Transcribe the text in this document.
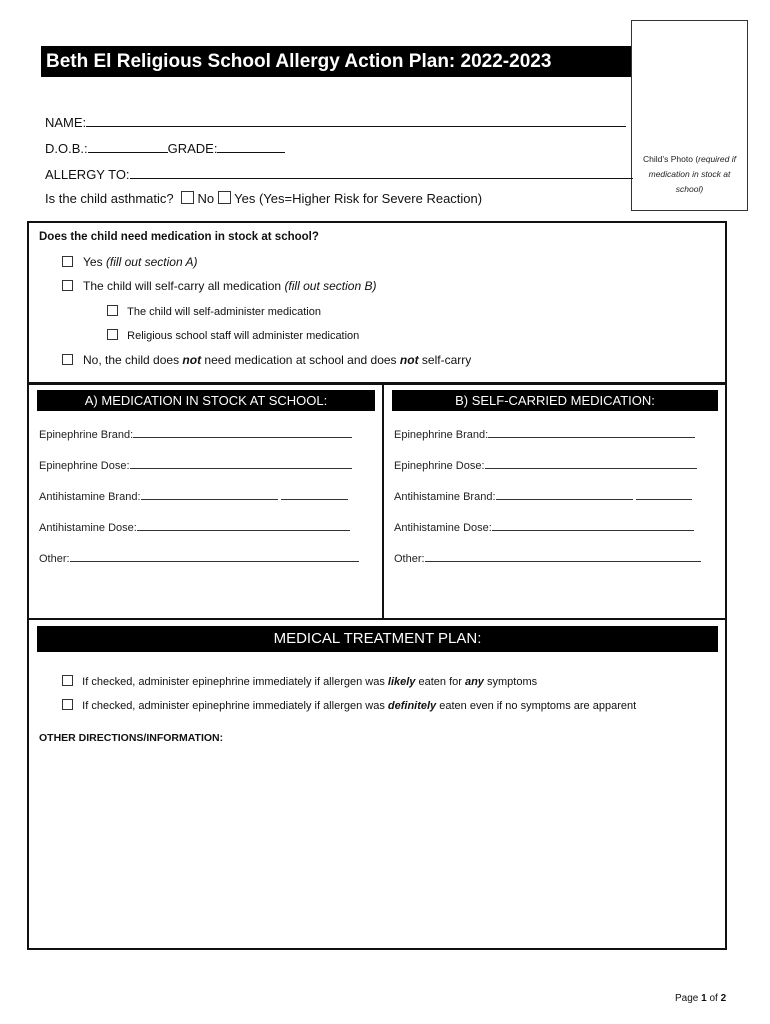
Beth El Religious School Allergy Action Plan: 2022-2023
Child’s Photo (required if medication in stock at school)
NAME:
D.O.B.:	GRADE:
ALLERGY TO:
Is the child asthmatic? No Yes (Yes=Higher Risk for Severe Reaction)
Does the child need medication in stock at school?
Yes (fill out section A)
The child will self-carry all medication (fill out section B)
The child will self-administer medication
Religious school staff will administer medication
No, the child does not need medication at school and does not self-carry
A) MEDICATION IN STOCK AT SCHOOL:	B) SELF-CARRIED MEDICATION:
Epinephrine Brand:
Epinephrine Dose:
Antihistamine Brand:
Antihistamine Dose:
Other:
Epinephrine Brand:
Epinephrine Dose:
Antihistamine Brand:
Antihistamine Dose:
Other:
MEDICAL TREATMENT PLAN:
If checked, administer epinephrine immediately if allergen was likely eaten for any symptoms
If checked, administer epinephrine immediately if allergen was definitely eaten even if no symptoms are apparent
OTHER DIRECTIONS/INFORMATION:
Page 1 of 2
